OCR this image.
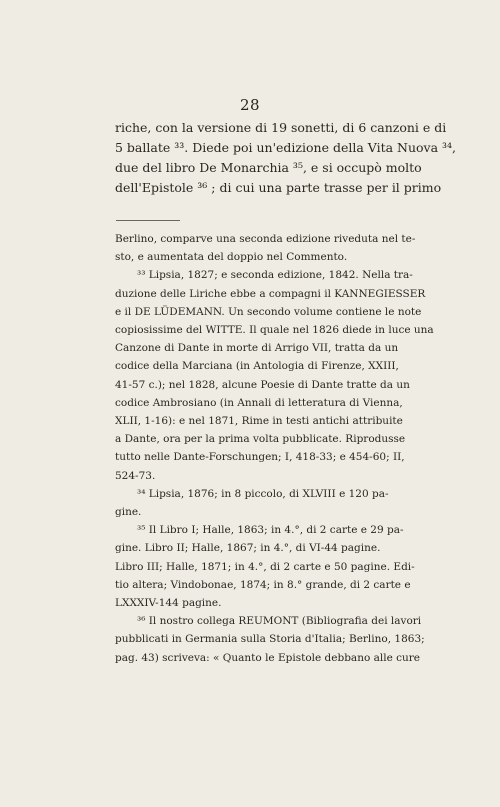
28
riche, con la versione di 19 sonetti, di 6 canzoni e di
5 ballate ³³. Diede poi un'edizione della Vita Nuova ³⁴,
due del libro De Monarchia ³⁵, e si occupò molto
dell'Epistole ³⁶ ; di cui una parte trasse per il primo
Berlino, comparve una seconda edizione riveduta nel te-
sto, e aumentata del doppio nel Commento.
³³ Lipsia, 1827; e seconda edizione, 1842. Nella tra-
duzione delle Liriche ebbe a compagni il KANNEGIESSER
e il DE LÜDEMANN. Un secondo volume contiene le note
copiosissime del WITTE. Il quale nel 1826 diede in luce una
Canzone di Dante in morte di Arrigo VII, tratta da un
codice della Marciana (in Antologia di Firenze, XXIII,
41-57 c.); nel 1828, alcune Poesie di Dante tratte da un
codice Ambrosiano (in Annali di letteratura di Vienna,
XLII, 1-16): e nel 1871, Rime in testi antichi attribuite
a Dante, ora per la prima volta pubblicate. Riprodusse
tutto nelle Dante-Forschungen; I, 418-33; e 454-60; II,
524-73.
³⁴ Lipsia, 1876; in 8 piccolo, di XLVIII e 120 pa-
gine.
³⁵ Il Libro I; Halle, 1863; in 4.°, di 2 carte e 29 pa-
gine. Libro II; Halle, 1867; in 4.°, di VI-44 pagine.
Libro III; Halle, 1871; in 4.°, di 2 carte e 50 pagine. Edi-
tio altera; Vindobonae, 1874; in 8.° grande, di 2 carte e
LXXXIV-144 pagine.
³⁶ Il nostro collega REUMONT (Bibliografia dei lavori
pubblicati in Germania sulla Storia d'Italia; Berlino, 1863;
pag. 43) scriveva: « Quanto le Epistole debbano alle cure
